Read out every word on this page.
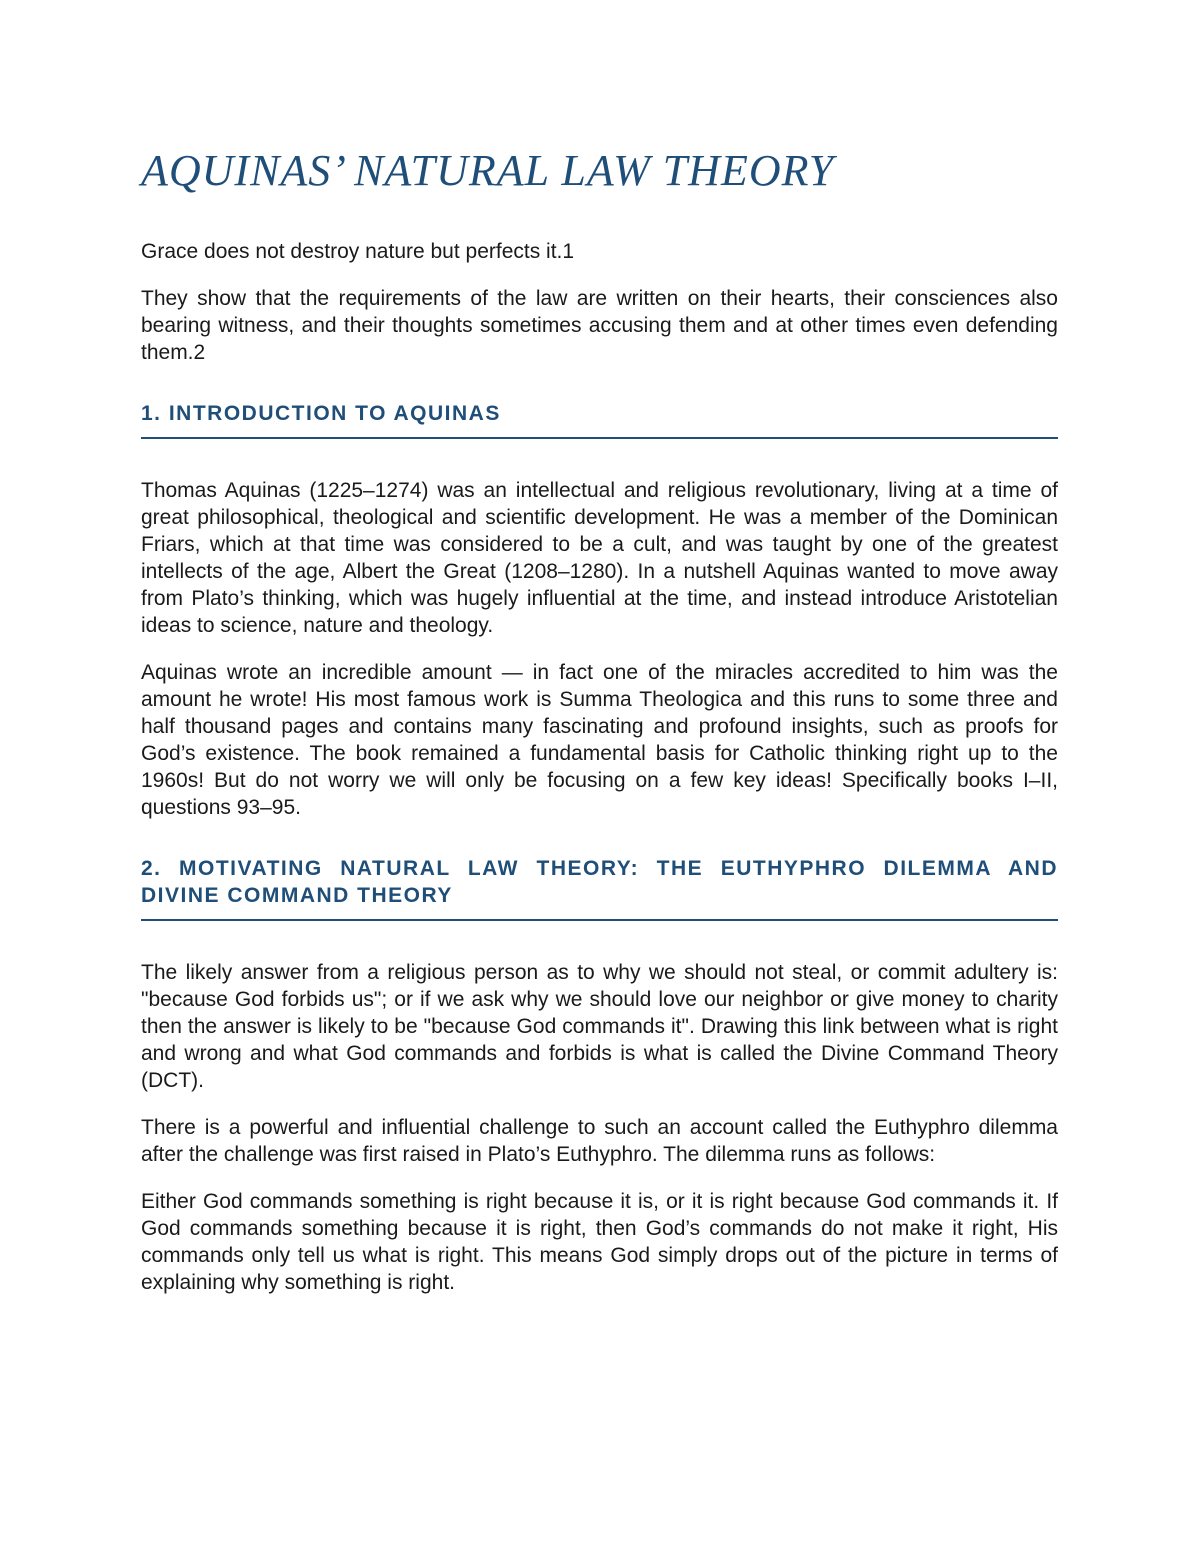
AQUINAS’ NATURAL LAW THEORY

Grace does not destroy nature but perfects it.1

They show that the requirements of the law are written on their hearts, their consciences also bearing witness, and their thoughts sometimes accusing them and at other times even defending them.2

1. INTRODUCTION TO AQUINAS

Thomas Aquinas (1225–1274) was an intellectual and religious revolutionary, living at a time of great philosophical, theological and scientific development. He was a member of the Dominican Friars, which at that time was considered to be a cult, and was taught by one of the greatest intellects of the age, Albert the Great (1208–1280). In a nutshell Aquinas wanted to move away from Plato’s thinking, which was hugely influential at the time, and instead introduce Aristotelian ideas to science, nature and theology.

Aquinas wrote an incredible amount — in fact one of the miracles accredited to him was the amount he wrote! His most famous work is Summa Theologica and this runs to some three and half thousand pages and contains many fascinating and profound insights, such as proofs for God’s existence. The book remained a fundamental basis for Catholic thinking right up to the 1960s! But do not worry we will only be focusing on a few key ideas! Specifically books I–II, questions 93–95.

2. MOTIVATING NATURAL LAW THEORY: THE EUTHYPHRO DILEMMA AND DIVINE COMMAND THEORY

The likely answer from a religious person as to why we should not steal, or commit adultery is: "because God forbids us"; or if we ask why we should love our neighbor or give money to charity then the answer is likely to be "because God commands it". Drawing this link between what is right and wrong and what God commands and forbids is what is called the Divine Command Theory (DCT).

There is a powerful and influential challenge to such an account called the Euthyphro dilemma after the challenge was first raised in Plato’s Euthyphro. The dilemma runs as follows:

Either God commands something is right because it is, or it is right because God commands it. If God commands something because it is right, then God’s commands do not make it right, His commands only tell us what is right. This means God simply drops out of the picture in terms of explaining why something is right.
